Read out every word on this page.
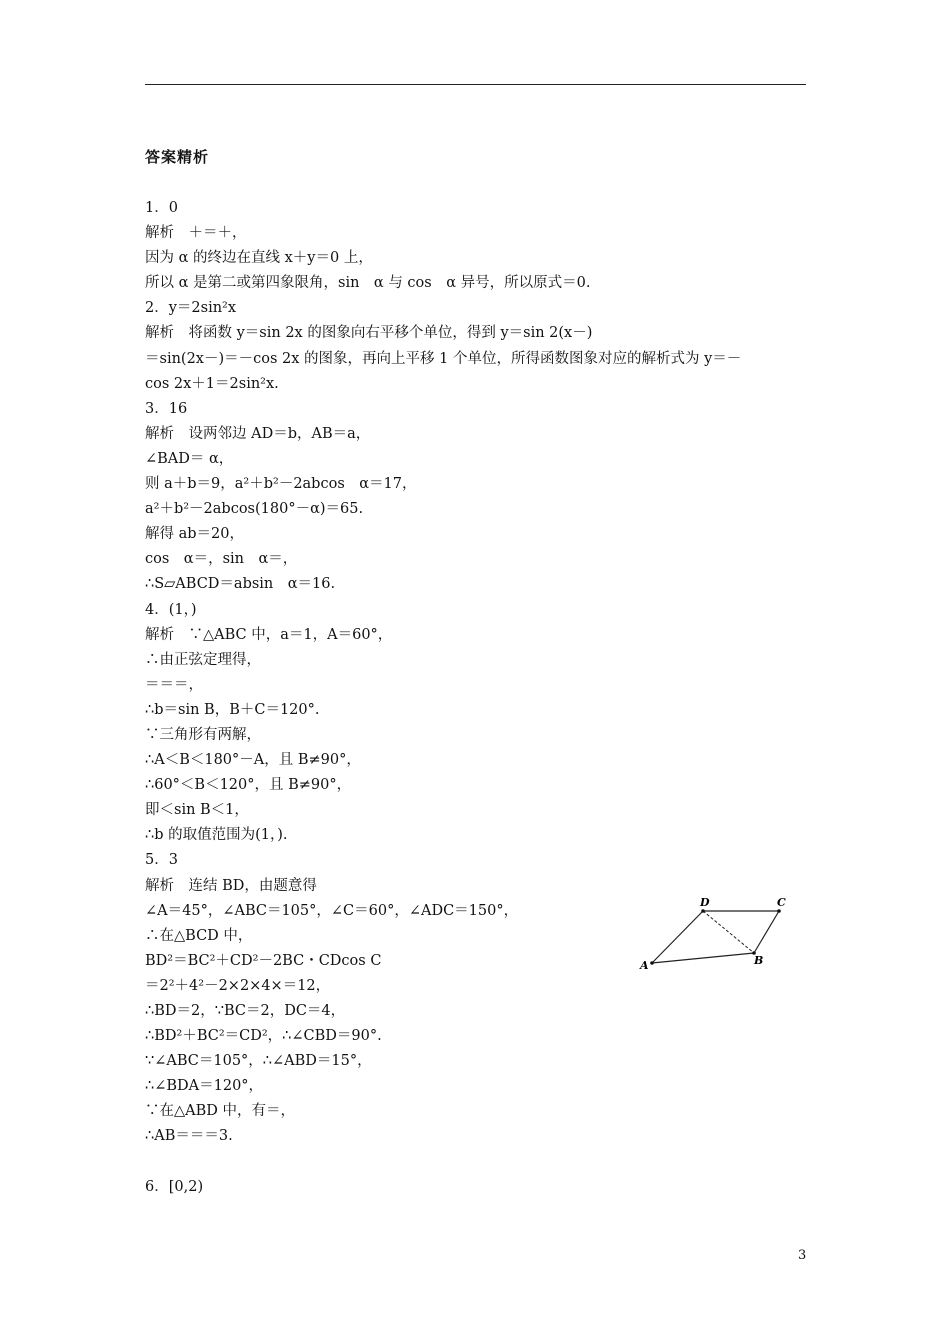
答案精析
1．0
解析　＋＝＋，
因为 α 的终边在直线 x＋y＝0 上，
所以 α 是第二或第四象限角，sin　α 与 cos　α 异号，所以原式＝0.
2．y＝2sin²x
解析　将函数 y＝sin 2x 的图象向右平移个单位，得到 y＝sin 2(x－)
＝sin(2x－)＝－cos 2x 的图象，再向上平移 1 个单位，所得函数图象对应的解析式为 y＝－
cos 2x＋1＝2sin²x.
3．16
解析　设两邻边 AD＝b，AB＝a，
∠BAD＝ α，
则 a＋b＝9，a²＋b²－2abcos　α＝17，
a²＋b²－2abcos(180°－α)＝65.
解得 ab＝20，
cos　α＝，sin　α＝，
∴S▱ABCD＝absin　α＝16.
4．(1，)
解析　∵△ABC 中，a＝1，A＝60°，
∴由正弦定理得，
＝＝＝，
∴b＝sin B，B＋C＝120°.
∵三角形有两解，
∴A＜B＜180°－A，且 B≠90°，
∴60°＜B＜120°，且 B≠90°，
即＜sin B＜1，
∴b 的取值范围为(1，).
5．3
解析　连结 BD，由题意得
∠A＝45°，∠ABC＝105°，∠C＝60°，∠ADC＝150°，
∴在△BCD 中，
BD²＝BC²＋CD²－2BC・CDcos C
＝2²＋4²－2×2×4×＝12，
∴BD＝2，∵BC＝2，DC＝4，
∴BD²＋BC²＝CD²，∴∠CBD＝90°.
∵∠ABC＝105°，∴∠ABD＝15°，
∴∠BDA＝120°，
∵在△ABD 中，有＝，
∴AB＝＝＝3.
6．[0,2)
A	B
C
D
3
